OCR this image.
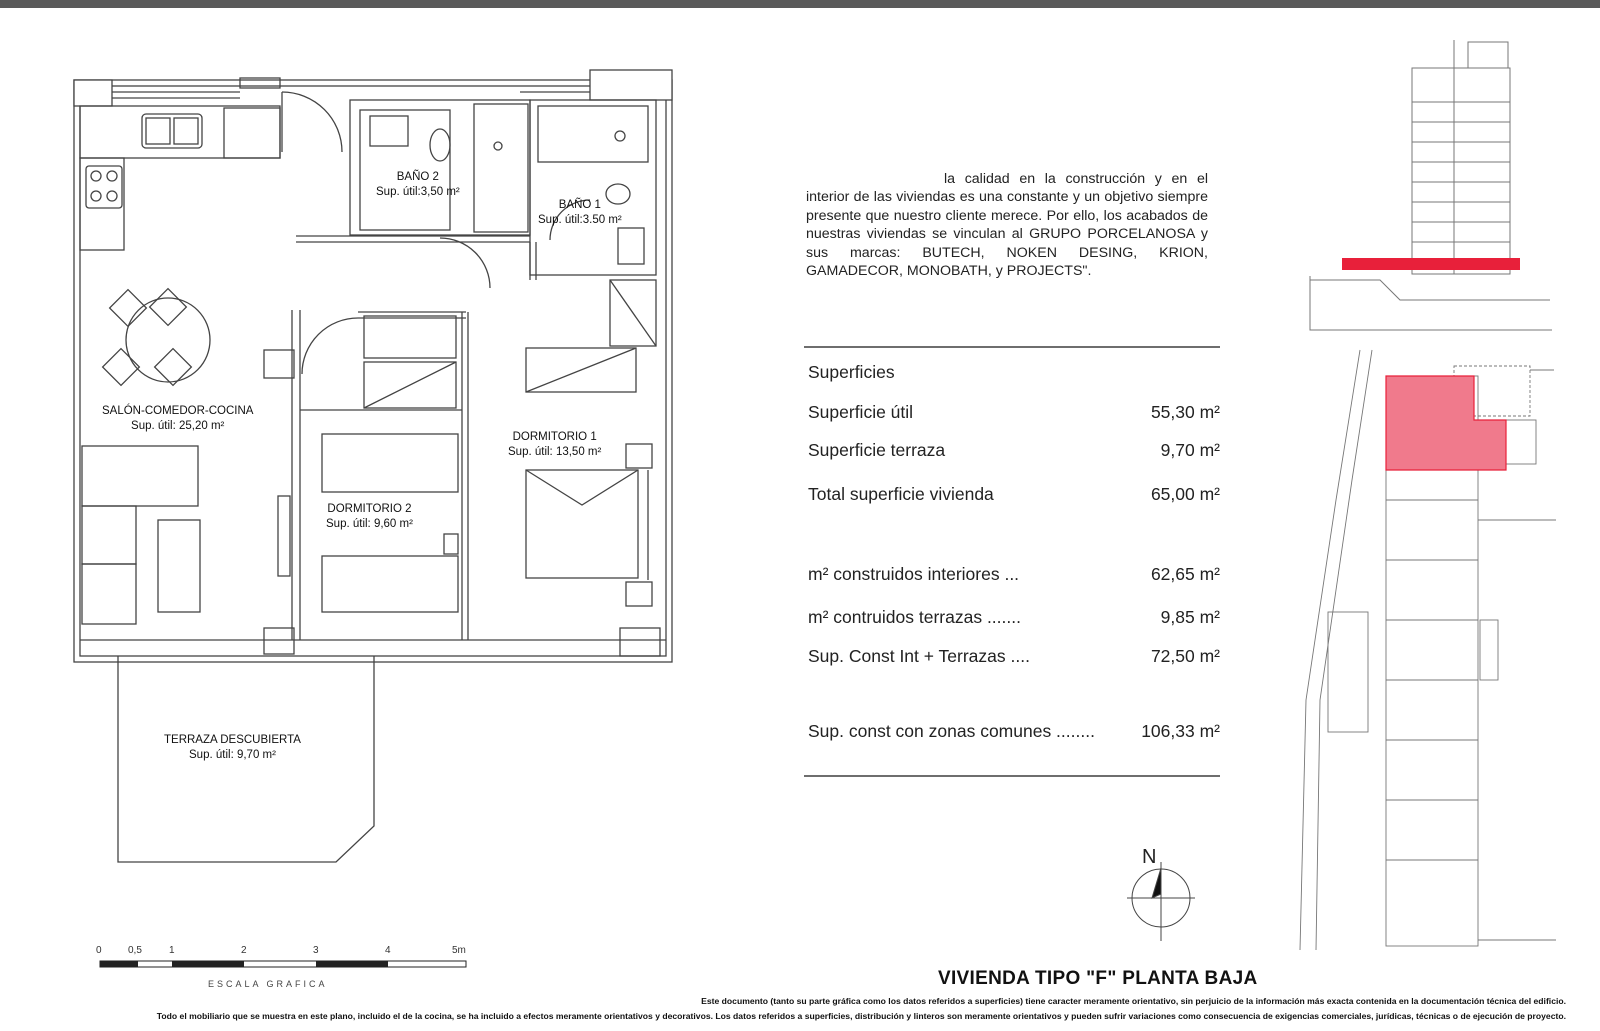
BAÑO 2
Sup. útil:3,50 m²
BAÑO 1
Sup. útil:3.50 m²
SALÓN-COMEDOR-COCINA
Sup. útil: 25,20 m²
DORMITORIO 1
Sup. útil: 13,50 m²
DORMITORIO 2
Sup. útil: 9,60 m²
TERRAZA DESCUBIERTA
Sup. útil: 9,70 m²
0	0,5	1	2	3	4	5m
ESCALA GRAFICA
N
la calidad en la construcción y en el interior de las viviendas es una constante y un objetivo siempre presente que nuestro cliente merece. Por ello, los acabados de nuestras viviendas se vinculan al GRUPO PORCELANOSA y sus marcas: BUTECH, NOKEN DESING, KRION, GAMADECOR, MONOBATH, y PROJECTS".
Superficies
Superficie útil	55,30 m²
Superficie terraza	9,70 m²
Total superficie vivienda	65,00 m²
m² construidos interiores ...	62,65 m²
m² contruidos terrazas .......	9,85 m²
Sup. Const Int + Terrazas ....	72,50 m²
Sup. const con zonas comunes ........	106,33 m²
VIVIENDA TIPO "F" PLANTA BAJA
Este documento (tanto su parte gráfica como los datos referidos a superficies) tiene caracter meramente orientativo, sin perjuicio de la información más exacta contenida en la documentación técnica del edificio.
Todo el mobiliario que se muestra en este plano, incluido el de la cocina, se ha incluido a efectos meramente orientativos y decorativos. Los datos referidos a superficies, distribución y linteros son meramente orientativos y pueden sufrir variaciones como consecuencia de exigencias comerciales, jurídicas, técnicas o de ejecución de proyecto.
